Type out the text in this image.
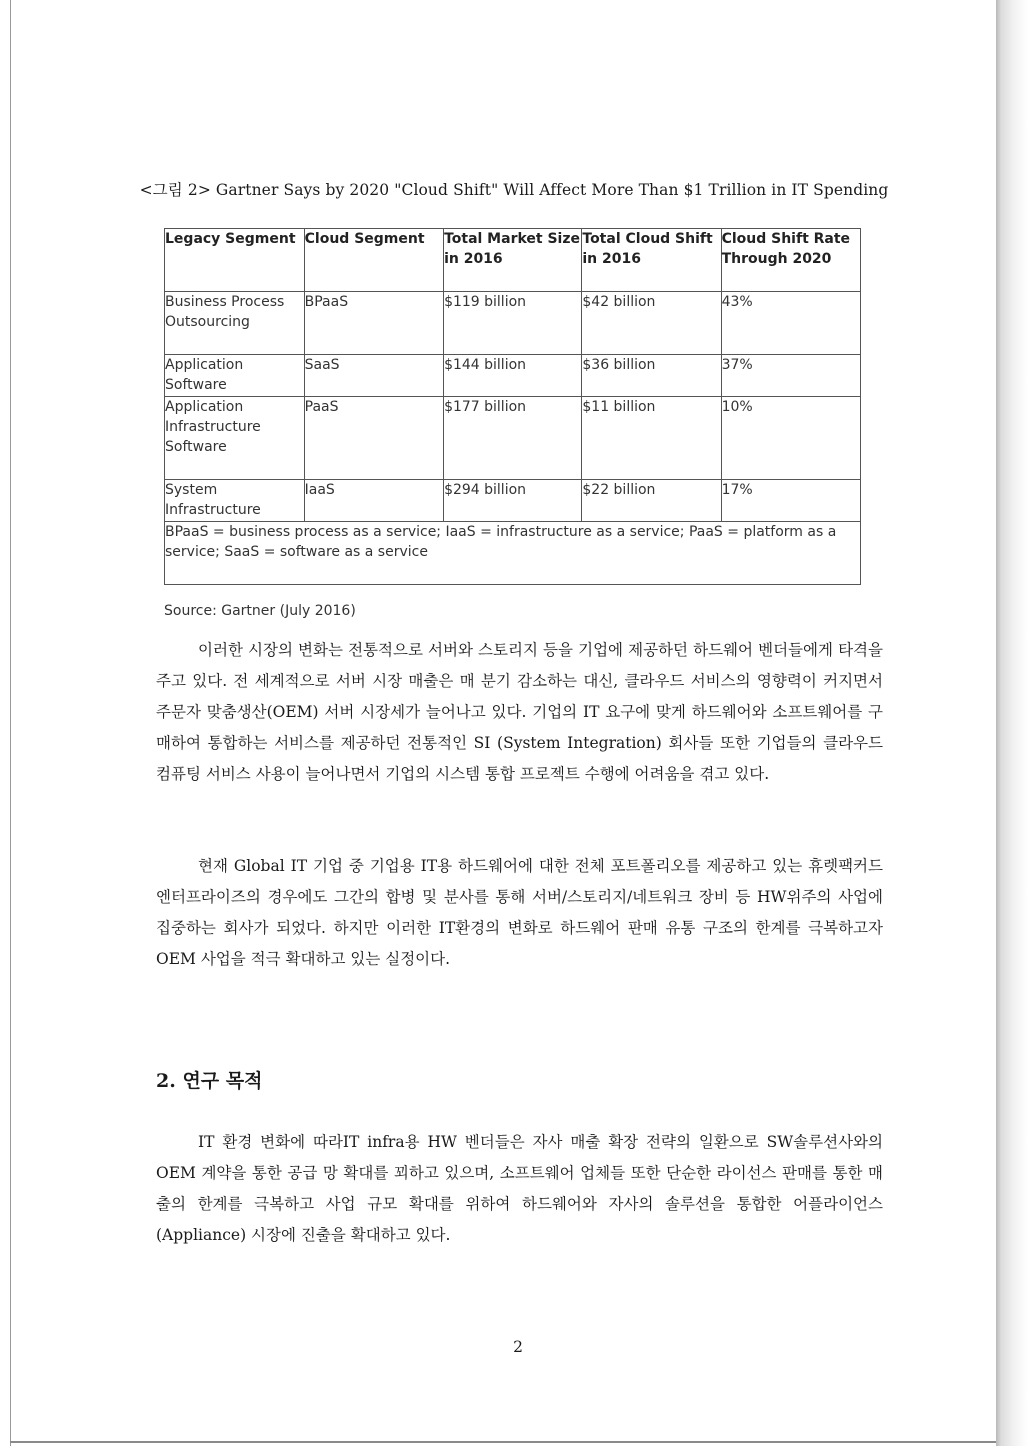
<그림 2> Gartner Says by 2020 "Cloud Shift" Will Affect More Than $1 Trillion in IT Spending
Legacy Segment	Cloud Segment	Total Market Size in 2016	Total Cloud Shift in 2016	Cloud Shift Rate Through 2020
Business Process Outsourcing	BPaaS	$119 billion	$42 billion	43%
Application Software	SaaS	$144 billion	$36 billion	37%
Application Infrastructure Software	PaaS	$177 billion	$11 billion	10%
System Infrastructure	IaaS	$294 billion	$22 billion	17%
BPaaS = business process as a service; IaaS = infrastructure as a service; PaaS = platform as a service; SaaS = software as a service				
Source: Gartner (July 2016)

이러한 시장의 변화는 전통적으로 서버와 스토리지 등을 기업에 제공하던 하드웨어 벤더들에게 타격을 주고 있다. 전 세계적으로 서버 시장 매출은 매 분기 감소하는 대신, 클라우드 서비스의 영향력이 커지면서 주문자 맞춤생산(OEM) 서버 시장세가 늘어나고 있다. 기업의 IT 요구에 맞게 하드웨어와 소프트웨어를 구매하여 통합하는 서비스를 제공하던 전통적인 SI (System Integration) 회사들 또한 기업들의 클라우드 컴퓨팅 서비스 사용이 늘어나면서 기업의 시스템 통합 프로젝트 수행에 어려움을 겪고 있다.

현재 Global IT 기업 중 기업용 IT용 하드웨어에 대한 전체 포트폴리오를 제공하고 있는 휴렛팩커드 엔터프라이즈의 경우에도 그간의 합병 및 분사를 통해 서버/스토리지/네트워크 장비 등 HW위주의 사업에 집중하는 회사가 되었다. 하지만 이러한 IT환경의 변화로 하드웨어 판매 유통 구조의 한계를 극복하고자 OEM 사업을 적극 확대하고 있는 실정이다.

2. 연구 목적

IT 환경 변화에 따라IT infra용 HW 벤더들은 자사 매출 확장 전략의 일환으로 SW솔루션사와의 OEM 계약을 통한 공급 망 확대를 꾀하고 있으며, 소프트웨어 업체들 또한 단순한 라이선스 판매를 통한 매출의 한계를 극복하고 사업 규모 확대를 위하여 하드웨어와 자사의 솔루션을 통합한 어플라이언스(Appliance) 시장에 진출을 확대하고 있다.

2
